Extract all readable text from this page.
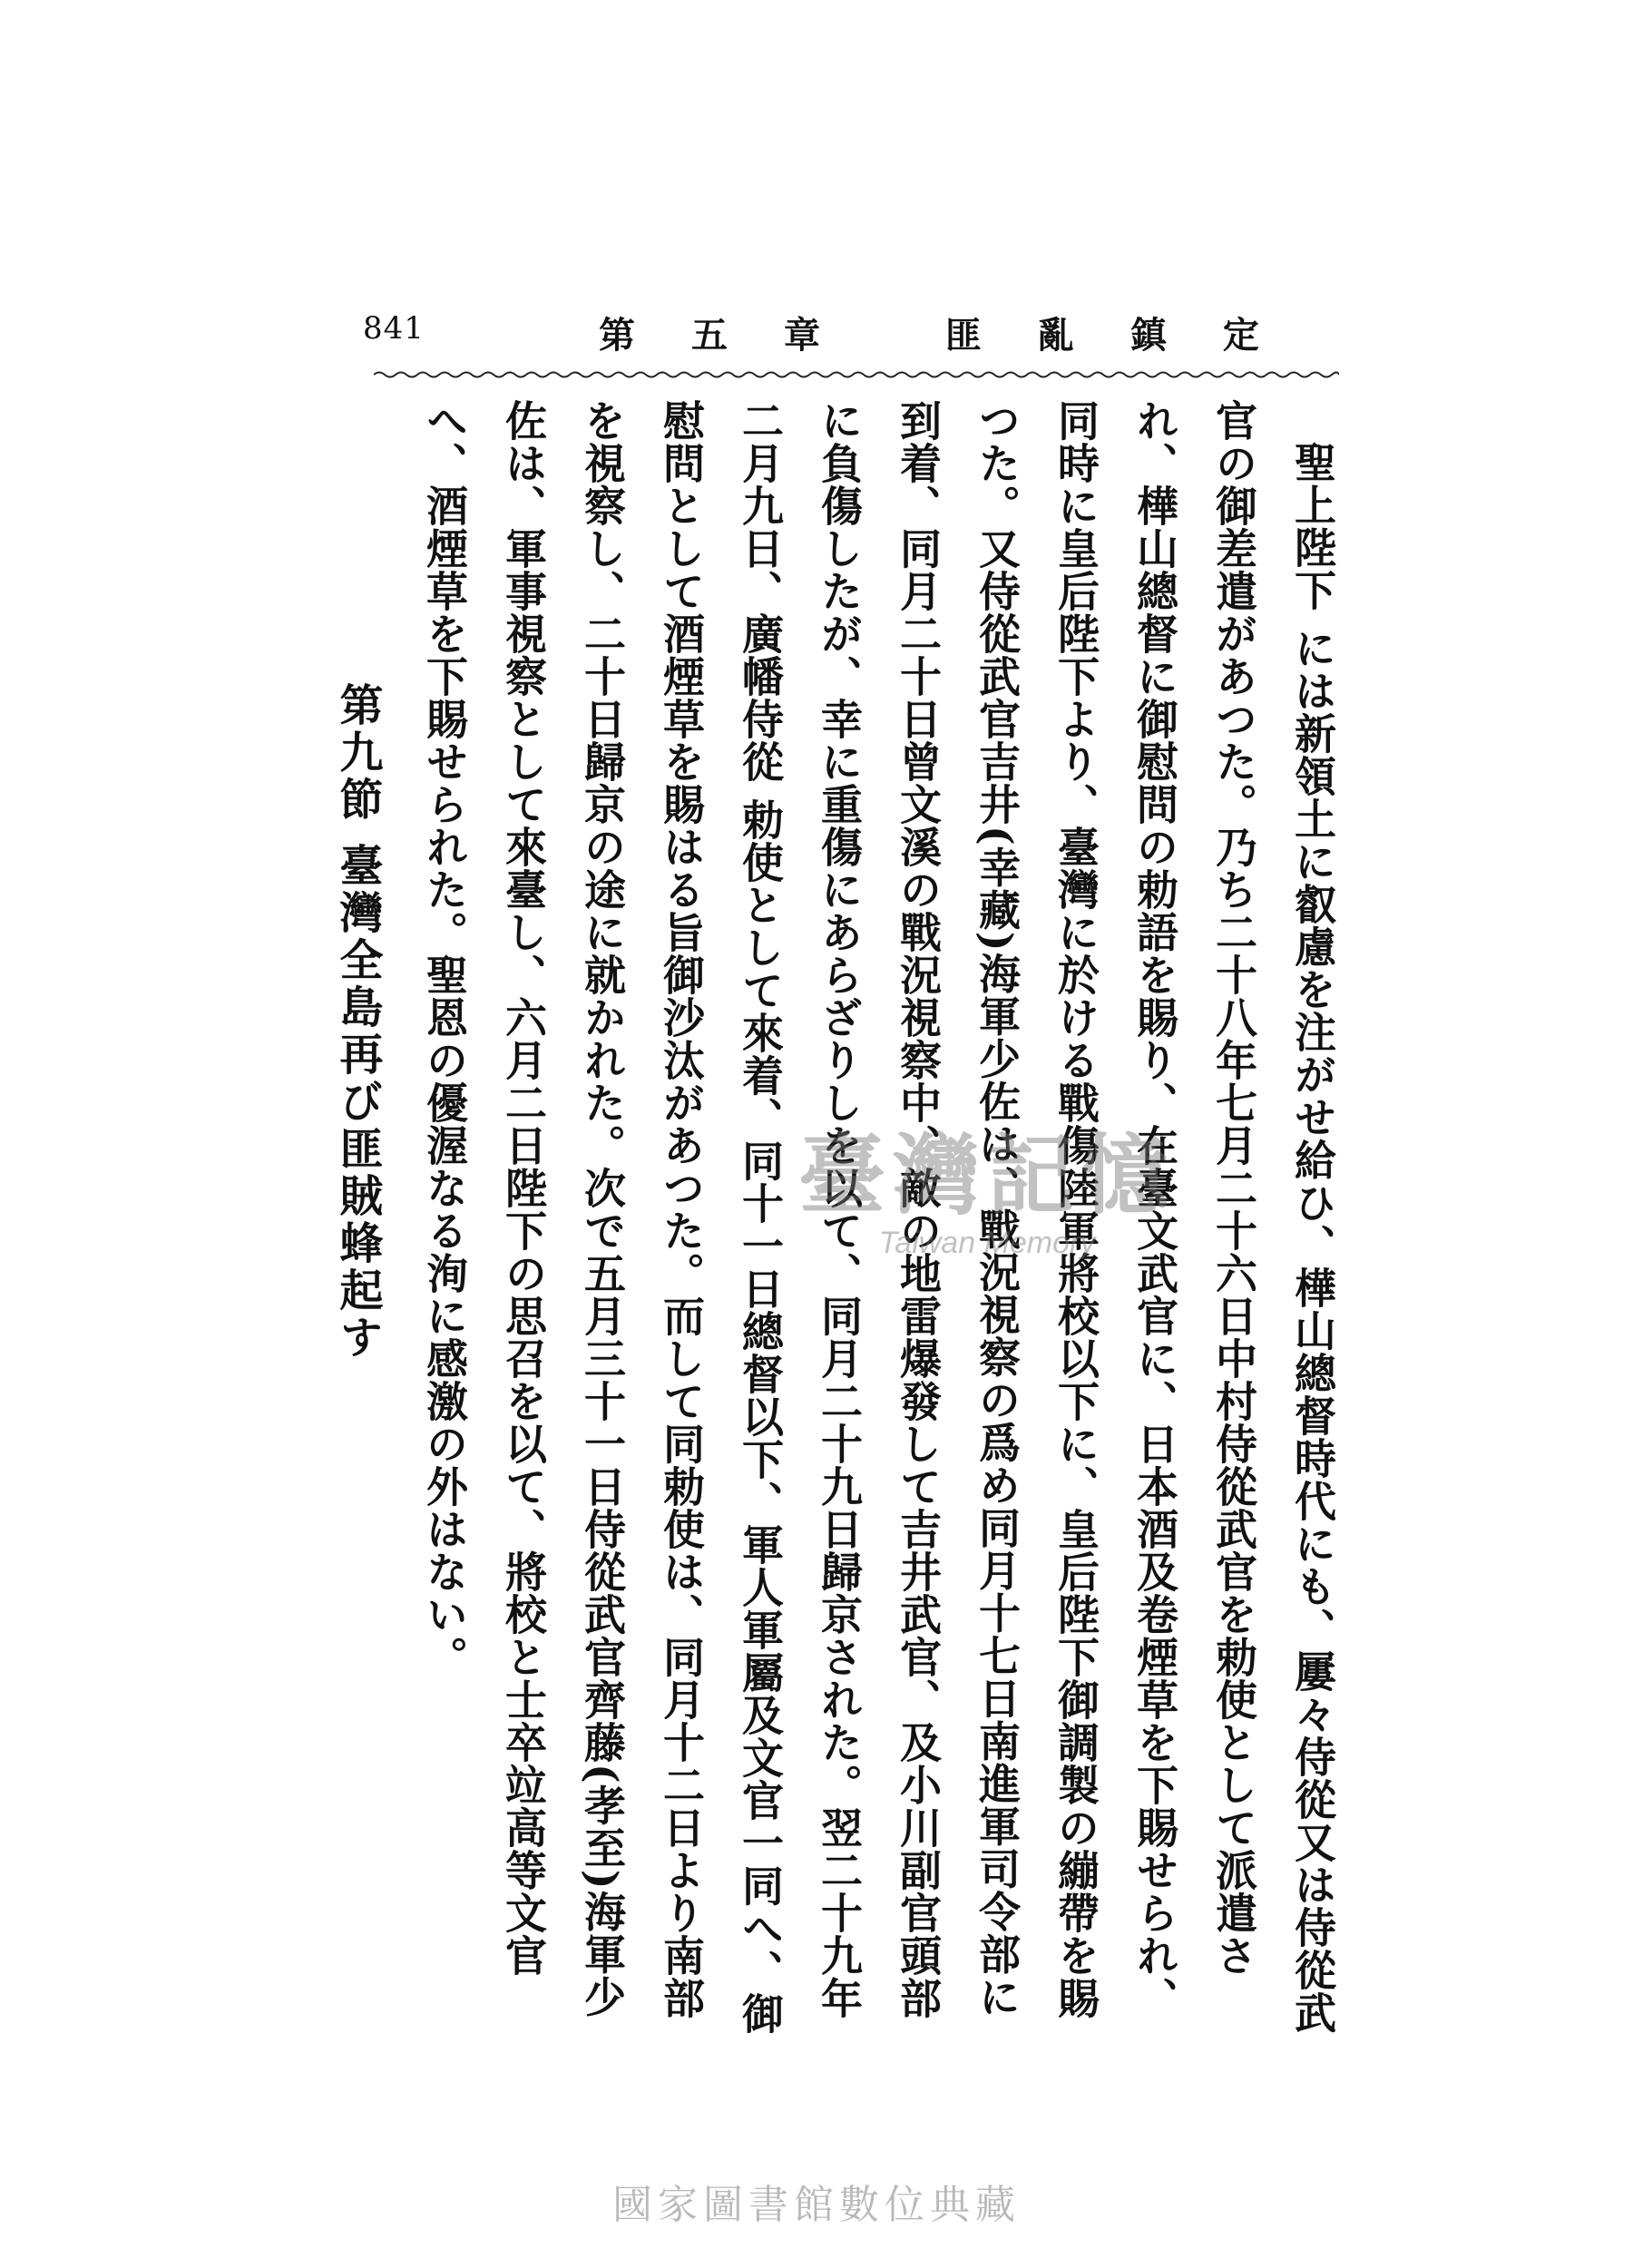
841	第五章 匪亂鎮定

聖上陛下 には新領土に叡慮を注がせ給ひ、樺山總督時代にも、屢々侍從又は侍從武官の御差遣があつた。乃ち二十八年七月二十六日中村侍從武官を勅使として派遣され、樺山總督に御慰問の勅語を賜り、在臺文武官に、日本酒及卷煙草を下賜せられ、同時に皇后陛下より、臺灣に於ける戰傷陸軍將校以下に、皇后陛下御調製の繃帶を賜つた。又侍從武官吉井(幸藏)海軍少佐は、戰況視察の爲め同月十七日南進軍司令部に到着、同月二十日曾文溪の戰況視察中、敵の地雷爆發して吉井武官、及小川副官頭部に負傷したが、幸に重傷にあらざりしを以て、同月二十九日歸京された。翌二十九年二月九日、廣幡侍從 勅使として來着、同十一日總督以下、軍人軍屬及文官一同へ、御慰問として酒煙草を賜はる旨御沙汰があつた。而して同勅使は、同月十二日より南部を視察し、二十日歸京の途に就かれた。次で五月三十一日侍從武官齊藤(孝至)海軍少佐は、軍事視察として來臺し、六月二日陛下の思召を以て、將校と士卒竝高等文官へ、酒煙草を下賜せられた。聖恩の優渥なる洵に感激の外はない。

第九節 臺灣全島再び匪賊蜂起す	臺灣記憶
Taiwan Memory
國家圖書館數位典藏
